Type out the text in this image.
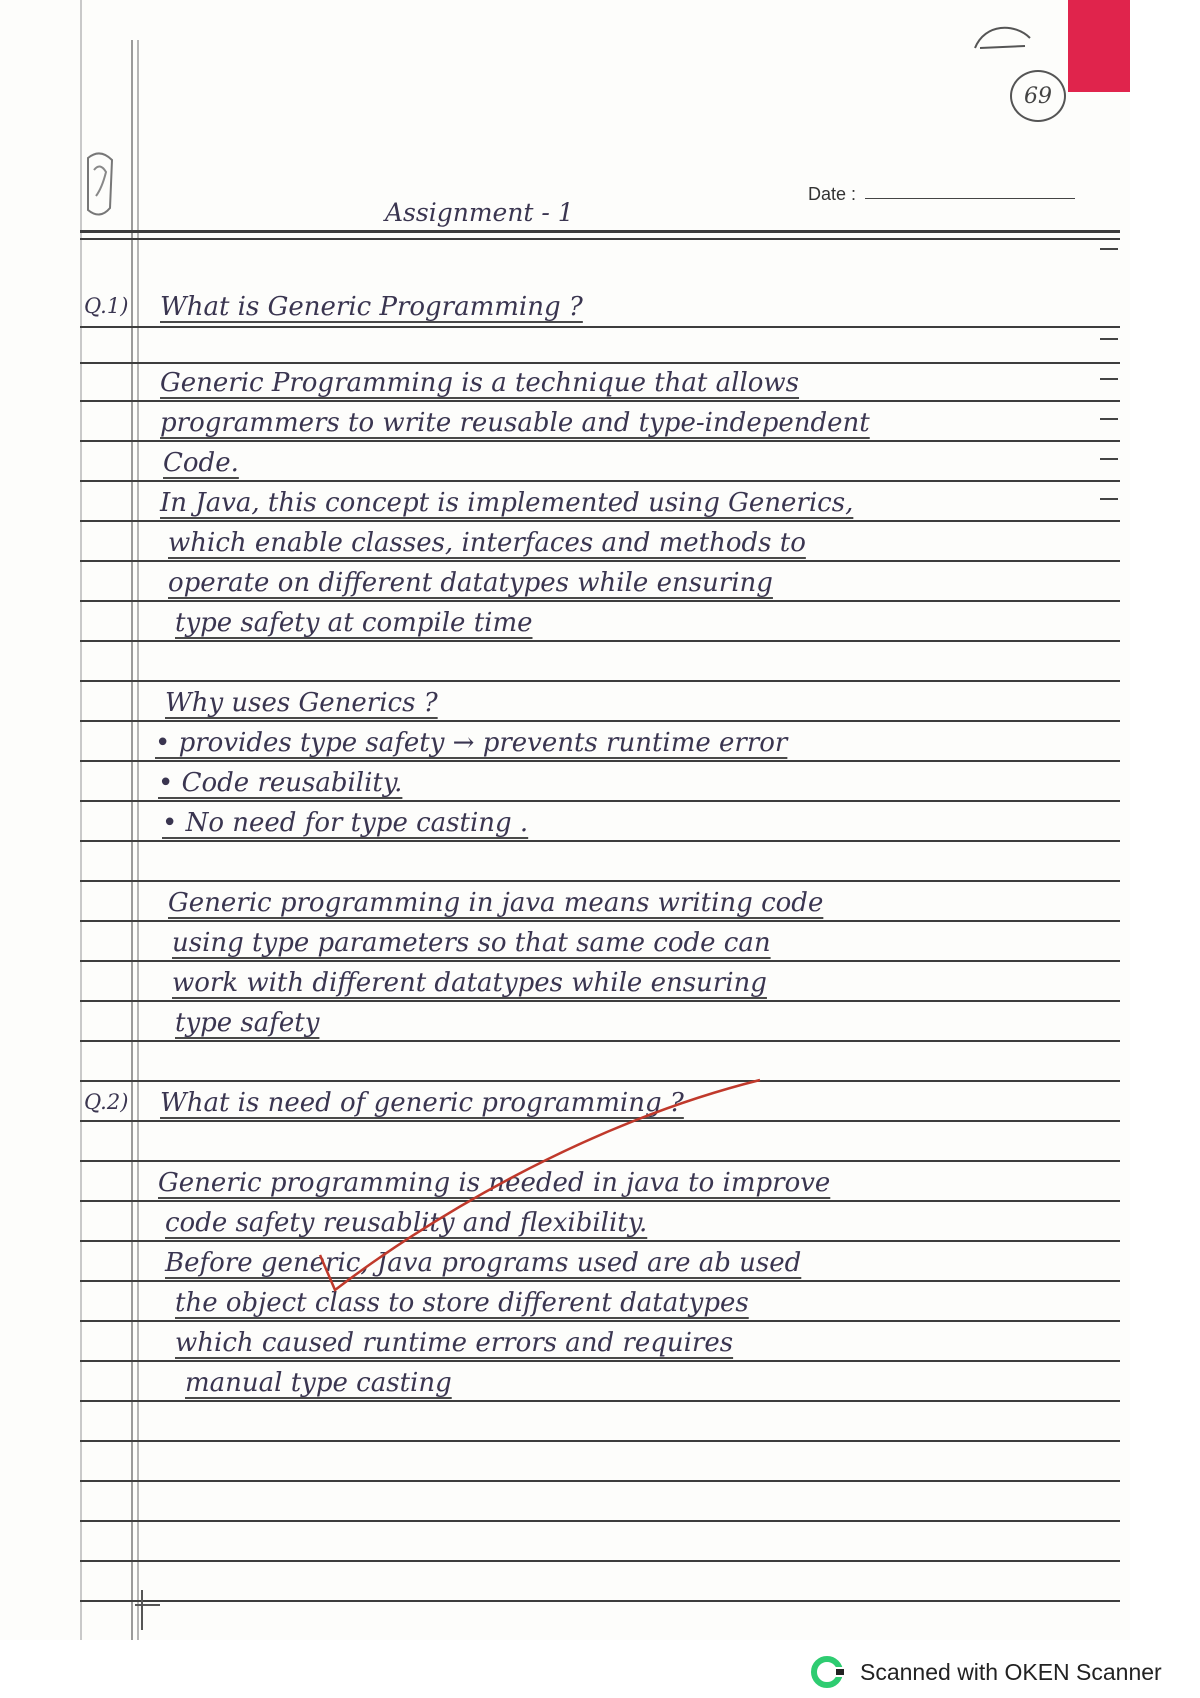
69
Date :
Assignment - 1
Q.1) What is Generic Programming ?
Generic Programming is a technique that allows
programmers to write reusable and type-independent
Code.
In Java, this concept is implemented using Generics,
which enable classes, interfaces and methods to
operate on different datatypes while ensuring
type safety at compile time
Why uses Generics ?
• provides type safety → prevents runtime error
• Code reusability.
• No need for type casting .
Generic programming in java means writing code
using type parameters so that same code can
work with different datatypes while ensuring
type safety
Q.2) What is need of generic programming ?
Generic programming is needed in java to improve
code safety reusablity and flexibility.
Before generic, Java programs used are ab used
the object class to store different datatypes
which caused runtime errors and requires
manual type casting
Scanned with OKEN Scanner
